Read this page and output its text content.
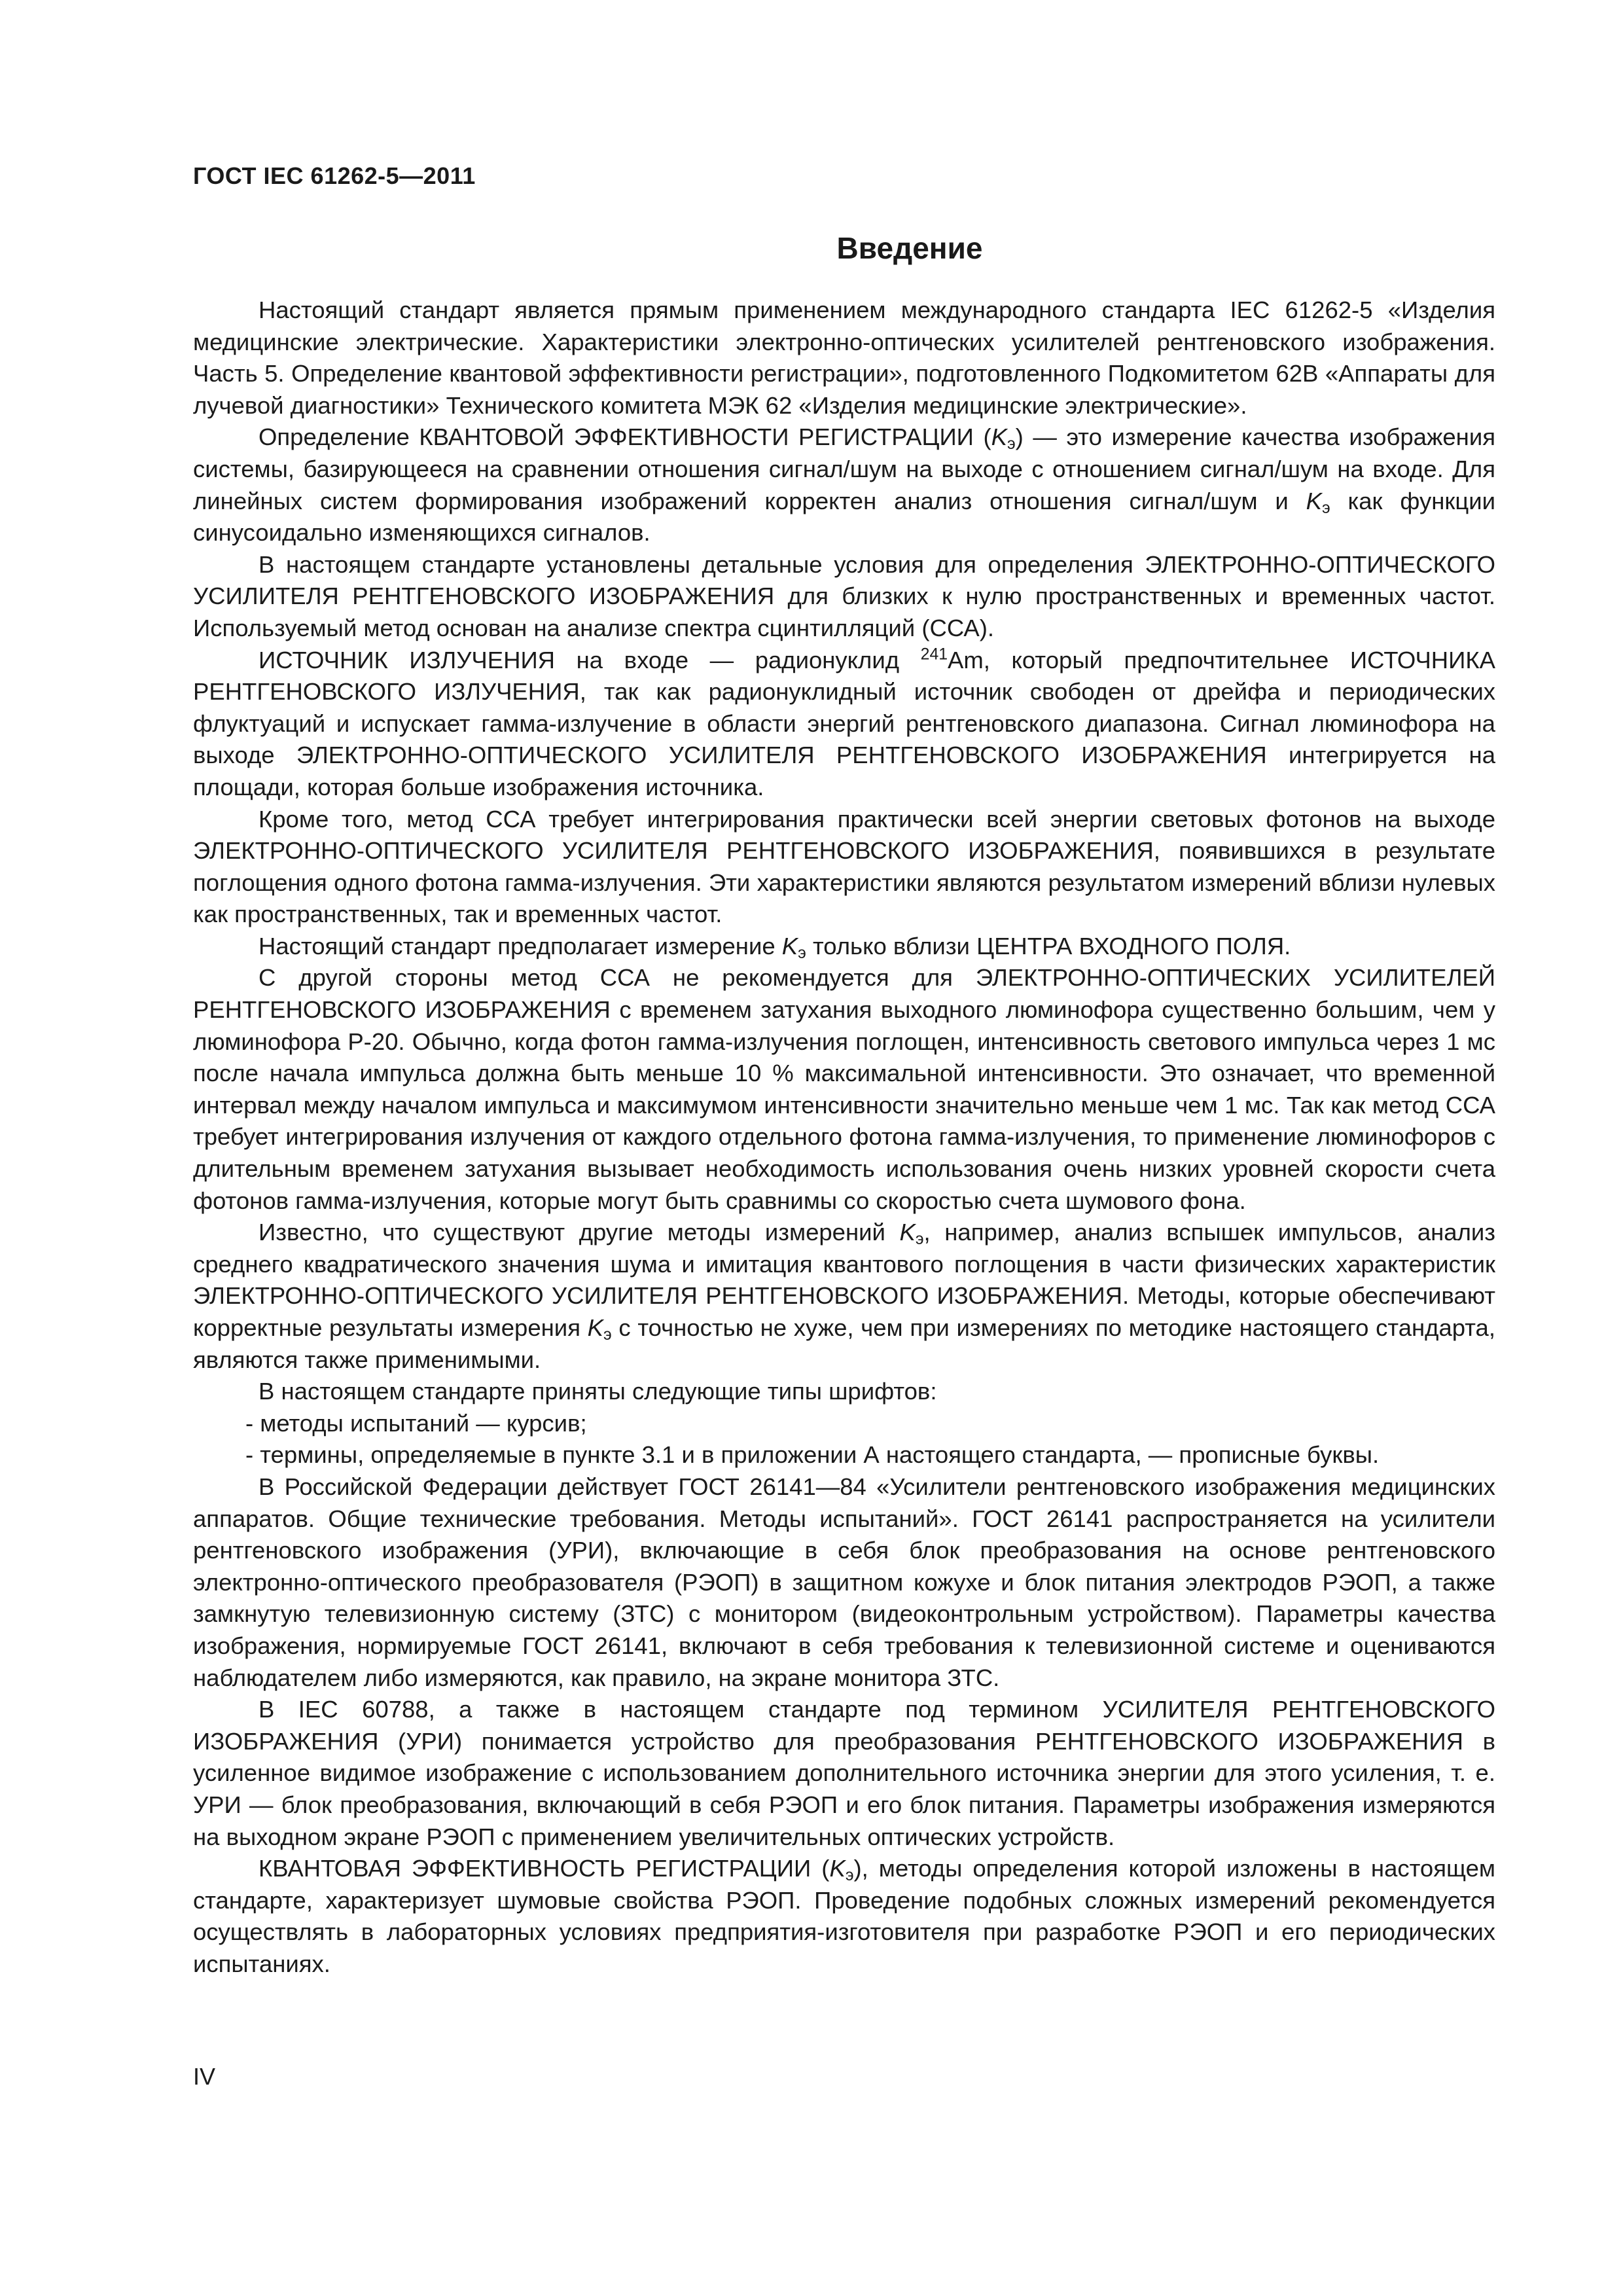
ГОСТ IEC 61262-5—2011
Введение

Настоящий стандарт является прямым применением международного стандарта IEC 61262-5 «Изделия медицинские электрические. Характеристики электронно-оптических усилителей рентгеновского изображения. Часть 5. Определение квантовой эффективности регистрации», подготовленного Подкомитетом 62В «Аппараты для лучевой диагностики» Технического комитета МЭК 62 «Изделия медицинские электрические».

Определение КВАНТОВОЙ ЭФФЕКТИВНОСТИ РЕГИСТРАЦИИ $(K_э)$ — это измерение качества изображения системы, базирующееся на сравнении отношения сигнал/шум на выходе с отношением сигнал/шум на входе. Для линейных систем формирования изображений корректен анализ отношения сигнал/шум и $K_э$ как функции синусоидально изменяющихся сигналов.

В настоящем стандарте установлены детальные условия для определения ЭЛЕКТРОННО-ОПТИЧЕСКОГО УСИЛИТЕЛЯ РЕНТГЕНОВСКОГО ИЗОБРАЖЕНИЯ для близких к нулю пространственных и временных частот. Используемый метод основан на анализе спектра сцинтилляций (ССА).

ИСТОЧНИК ИЗЛУЧЕНИЯ на входе — радионуклид $^{241}$Am, который предпочтительнее ИСТОЧНИКА РЕНТГЕНОВСКОГО ИЗЛУЧЕНИЯ, так как радионуклидный источник свободен от дрейфа и периодических флуктуаций и испускает гамма-излучение в области энергий рентгеновского диапазона. Сигнал люминофора на выходе ЭЛЕКТРОННО-ОПТИЧЕСКОГО УСИЛИТЕЛЯ РЕНТГЕНОВСКОГО ИЗОБРАЖЕНИЯ интегрируется на площади, которая больше изображения источника.

Кроме того, метод ССА требует интегрирования практически всей энергии световых фотонов на выходе ЭЛЕКТРОННО-ОПТИЧЕСКОГО УСИЛИТЕЛЯ РЕНТГЕНОВСКОГО ИЗОБРАЖЕНИЯ, появившихся в результате поглощения одного фотона гамма-излучения. Эти характеристики являются результатом измерений вблизи нулевых как пространственных, так и временных частот.

Настоящий стандарт предполагает измерение $K_э$ только вблизи ЦЕНТРА ВХОДНОГО ПОЛЯ.

С другой стороны метод ССА не рекомендуется для ЭЛЕКТРОННО-ОПТИЧЕСКИХ УСИЛИТЕЛЕЙ РЕНТГЕНОВСКОГО ИЗОБРАЖЕНИЯ с временем затухания выходного люминофора существенно большим, чем у люминофора Р-20. Обычно, когда фотон гамма-излучения поглощен, интенсивность светового импульса через 1 мс после начала импульса должна быть меньше 10 % максимальной интенсивности. Это означает, что временной интервал между началом импульса и максимумом интенсивности значительно меньше чем 1 мс. Так как метод ССА требует интегрирования излучения от каждого отдельного фотона гамма-излучения, то применение люминофоров с длительным временем затухания вызывает необходимость использования очень низких уровней скорости счета фотонов гамма-излучения, которые могут быть сравнимы со скоростью счета шумового фона.

Известно, что существуют другие методы измерений $K_э$, например, анализ вспышек импульсов, анализ среднего квадратического значения шума и имитация квантового поглощения в части физических характеристик ЭЛЕКТРОННО-ОПТИЧЕСКОГО УСИЛИТЕЛЯ РЕНТГЕНОВСКОГО ИЗОБРАЖЕНИЯ. Методы, которые обеспечивают корректные результаты измерения $K_э$ с точностью не хуже, чем при измерениях по методике настоящего стандарта, являются также применимыми.

В настоящем стандарте приняты следующие типы шрифтов:

- методы испытаний — курсив;

- термины, определяемые в пункте 3.1 и в приложении А настоящего стандарта, — прописные буквы.

В Российской Федерации действует ГОСТ 26141—84 «Усилители рентгеновского изображения медицинских аппаратов. Общие технические требования. Методы испытаний». ГОСТ 26141 распространяется на усилители рентгеновского изображения (УРИ), включающие в себя блок преобразования на основе рентгеновского электронно-оптического преобразователя (РЭОП) в защитном кожухе и блок питания электродов РЭОП, а также замкнутую телевизионную систему (ЗТС) с монитором (видеоконтрольным устройством). Параметры качества изображения, нормируемые ГОСТ 26141, включают в себя требования к телевизионной системе и оцениваются наблюдателем либо измеряются, как правило, на экране монитора ЗТС.

В IEC 60788, а также в настоящем стандарте под термином УСИЛИТЕЛЯ РЕНТГЕНОВСКОГО ИЗОБРАЖЕНИЯ (УРИ) понимается устройство для преобразования РЕНТГЕНОВСКОГО ИЗОБРАЖЕНИЯ в усиленное видимое изображение с использованием дополнительного источника энергии для этого усиления, т. е. УРИ — блок преобразования, включающий в себя РЭОП и его блок питания. Параметры изображения измеряются на выходном экране РЭОП с применением увеличительных оптических устройств.

КВАНТОВАЯ ЭФФЕКТИВНОСТЬ РЕГИСТРАЦИИ $(K_э)$, методы определения которой изложены в настоящем стандарте, характеризует шумовые свойства РЭОП. Проведение подобных сложных измерений рекомендуется осуществлять в лабораторных условиях предприятия-изготовителя при разработке РЭОП и его периодических испытаниях.

IV
